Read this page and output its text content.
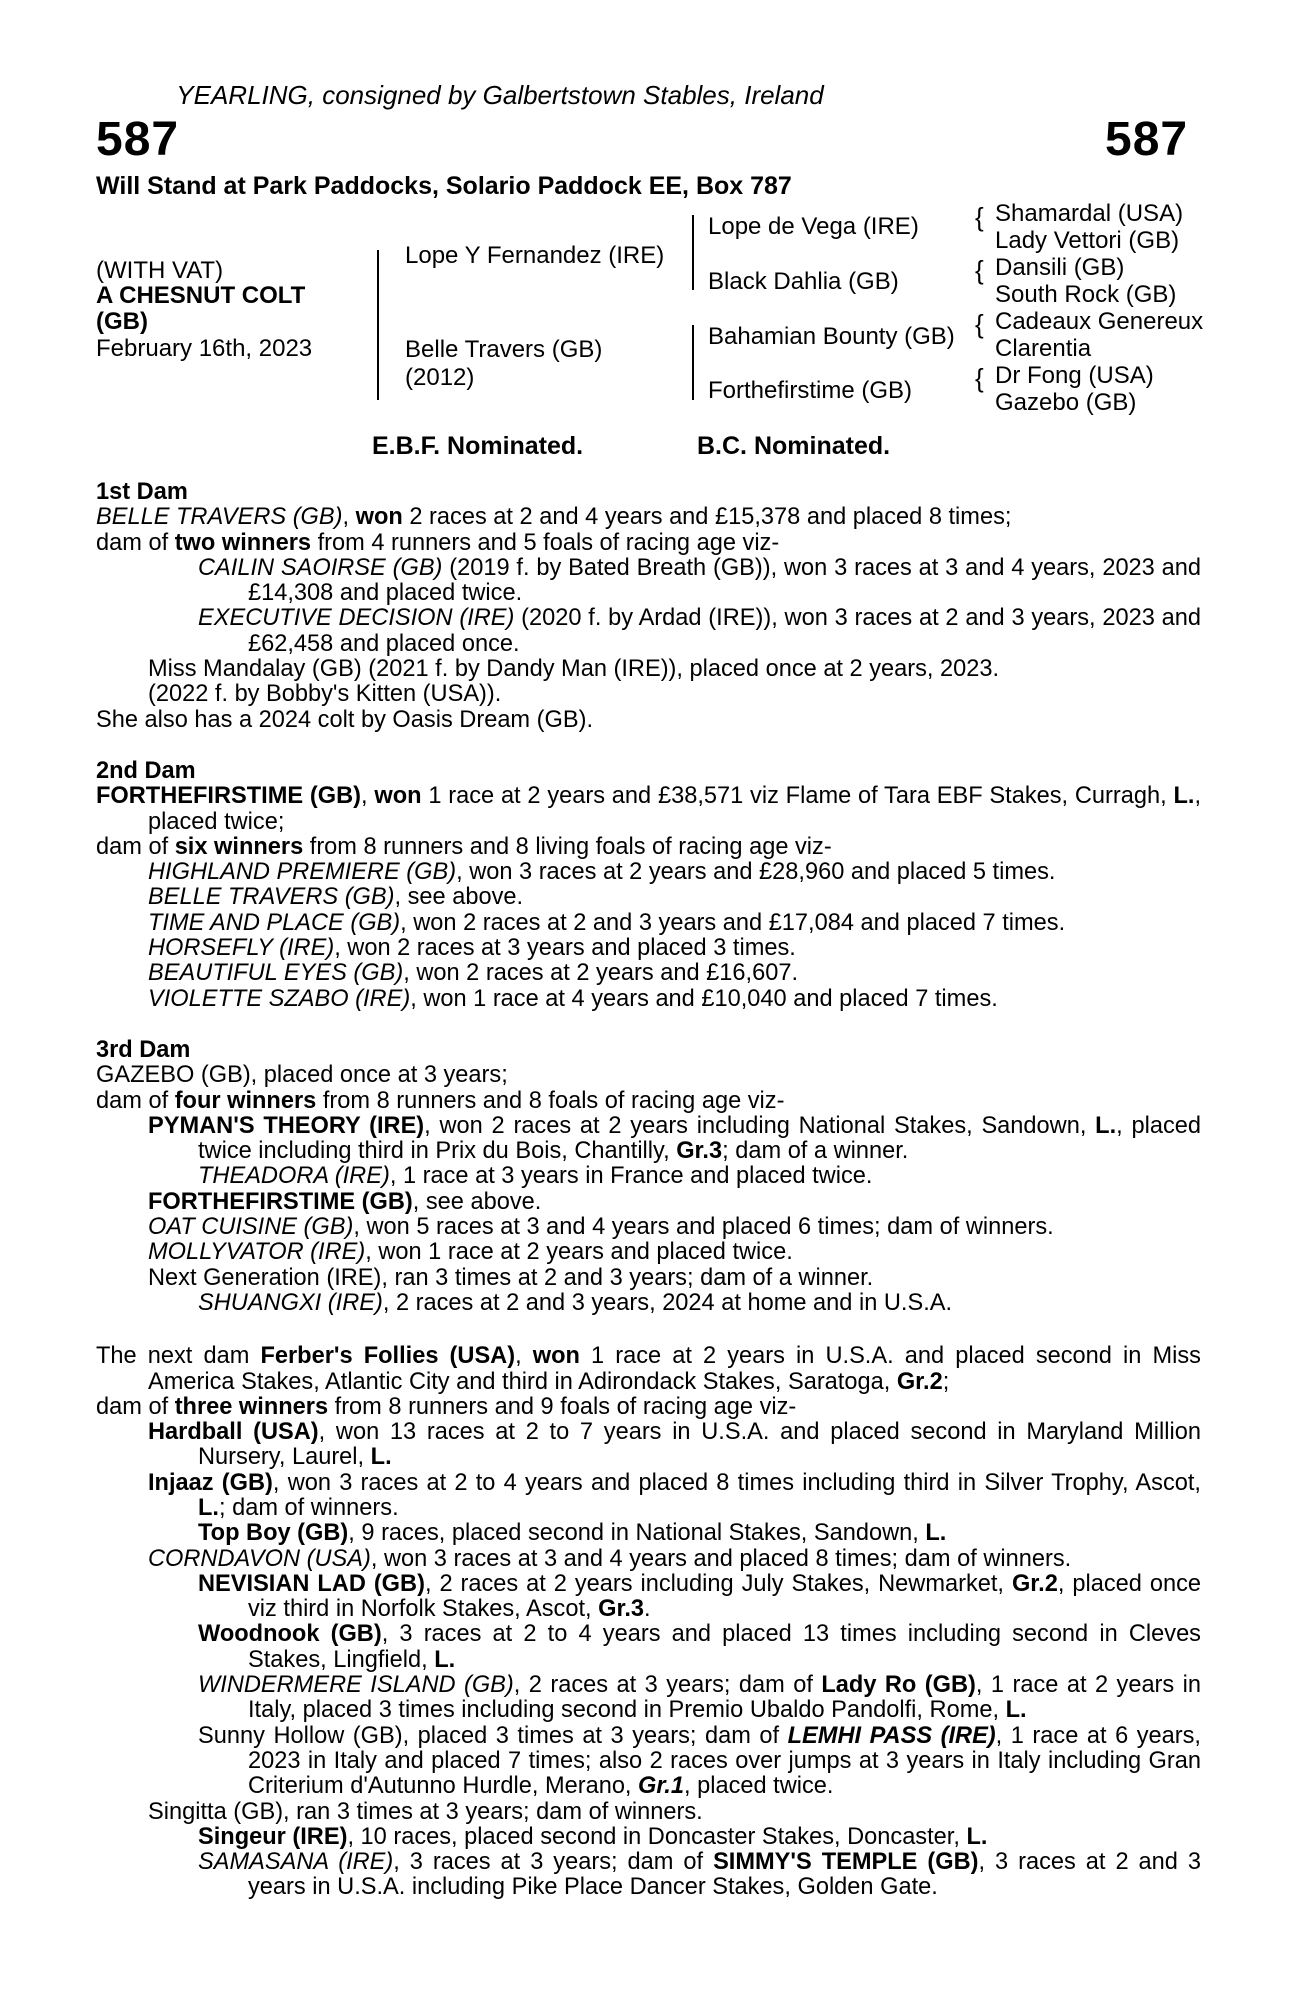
YEARLING, consigned by Galbertstown Stables, Ireland
587	587
Will Stand at Park Paddocks, Solario Paddock EE, Box 787
(WITH VAT)
A CHESNUT COLT
(GB)
February 16th, 2023
Lope Y Fernandez (IRE)
Belle Travers (GB)
(2012)
Lope de Vega (IRE)
Black Dahlia (GB)
Bahamian Bounty (GB)
Forthefirstime (GB)
{
{
{
{
Shamardal (USA)
Lady Vettori (GB)
Dansili (GB)
South Rock (GB)
Cadeaux Genereux
Clarentia
Dr Fong (USA)
Gazebo (GB)
E.B.F. Nominated.	B.C. Nominated.

1st Dam

BELLE TRAVERS (GB), won 2 races at 2 and 4 years and £15,378 and placed 8 times;

dam of two winners from 4 runners and 5 foals of racing age viz-

CAILIN SAOIRSE (GB) (2019 f. by Bated Breath (GB)), won 3 races at 3 and 4 years, 2023 and £14,308 and placed twice.

EXECUTIVE DECISION (IRE) (2020 f. by Ardad (IRE)), won 3 races at 2 and 3 years, 2023 and £62,458 and placed once.

Miss Mandalay (GB) (2021 f. by Dandy Man (IRE)), placed once at 2 years, 2023.

(2022 f. by Bobby's Kitten (USA)).

She also has a 2024 colt by Oasis Dream (GB).

2nd Dam

FORTHEFIRSTIME (GB), won 1 race at 2 years and £38,571 viz Flame of Tara EBF Stakes, Curragh, L., placed twice;

dam of six winners from 8 runners and 8 living foals of racing age viz-

HIGHLAND PREMIERE (GB), won 3 races at 2 years and £28,960 and placed 5 times.

BELLE TRAVERS (GB), see above.

TIME AND PLACE (GB), won 2 races at 2 and 3 years and £17,084 and placed 7 times.

HORSEFLY (IRE), won 2 races at 3 years and placed 3 times.

BEAUTIFUL EYES (GB), won 2 races at 2 years and £16,607.

VIOLETTE SZABO (IRE), won 1 race at 4 years and £10,040 and placed 7 times.

3rd Dam

GAZEBO (GB), placed once at 3 years;

dam of four winners from 8 runners and 8 foals of racing age viz-

PYMAN'S THEORY (IRE), won 2 races at 2 years including National Stakes, Sandown, L., placed twice including third in Prix du Bois, Chantilly, Gr.3; dam of a winner.

THEADORA (IRE), 1 race at 3 years in France and placed twice.

FORTHEFIRSTIME (GB), see above.

OAT CUISINE (GB), won 5 races at 3 and 4 years and placed 6 times; dam of winners.

MOLLYVATOR (IRE), won 1 race at 2 years and placed twice.

Next Generation (IRE), ran 3 times at 2 and 3 years; dam of a winner.

SHUANGXI (IRE), 2 races at 2 and 3 years, 2024 at home and in U.S.A.

The next dam Ferber's Follies (USA), won 1 race at 2 years in U.S.A. and placed second in Miss America Stakes, Atlantic City and third in Adirondack Stakes, Saratoga, Gr.2;

dam of three winners from 8 runners and 9 foals of racing age viz-

Hardball (USA), won 13 races at 2 to 7 years in U.S.A. and placed second in Maryland Million Nursery, Laurel, L.

Injaaz (GB), won 3 races at 2 to 4 years and placed 8 times including third in Silver Trophy, Ascot, L.; dam of winners.

Top Boy (GB), 9 races, placed second in National Stakes, Sandown, L.

CORNDAVON (USA), won 3 races at 3 and 4 years and placed 8 times; dam of winners.

NEVISIAN LAD (GB), 2 races at 2 years including July Stakes, Newmarket, Gr.2, placed once viz third in Norfolk Stakes, Ascot, Gr.3.

Woodnook (GB), 3 races at 2 to 4 years and placed 13 times including second in Cleves Stakes, Lingfield, L.

WINDERMERE ISLAND (GB), 2 races at 3 years; dam of Lady Ro (GB), 1 race at 2 years in Italy, placed 3 times including second in Premio Ubaldo Pandolfi, Rome, L.

Sunny Hollow (GB), placed 3 times at 3 years; dam of LEMHI PASS (IRE), 1 race at 6 years, 2023 in Italy and placed 7 times; also 2 races over jumps at 3 years in Italy including Gran Criterium d'Autunno Hurdle, Merano, Gr.1, placed twice.

Singitta (GB), ran 3 times at 3 years; dam of winners.

Singeur (IRE), 10 races, placed second in Doncaster Stakes, Doncaster, L.

SAMASANA (IRE), 3 races at 3 years; dam of SIMMY'S TEMPLE (GB), 3 races at 2 and 3 years in U.S.A. including Pike Place Dancer Stakes, Golden Gate.
